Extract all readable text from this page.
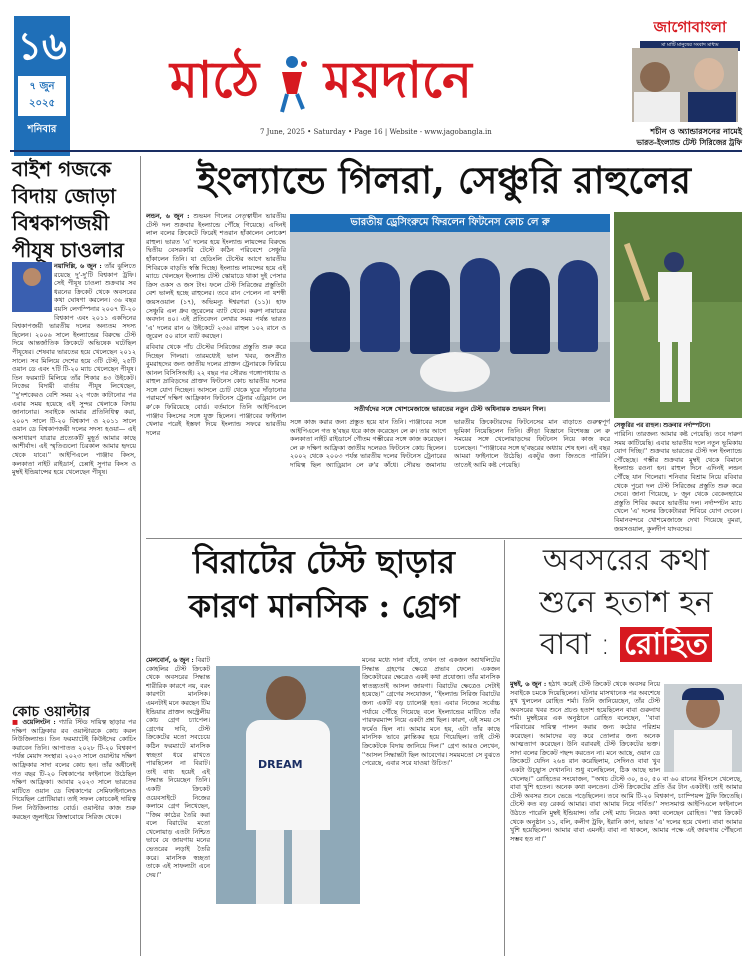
১৬
৭ জুন
২০২৫
শনিবার
মাঠে ময়দানে
7 June, 2025 • Saturday • Page 16 | Website - www.jagobangla.in
জাগোবাংলা
মা মাটি মানুষের সংবাদ মাধ্যম
শচীন ও অ্যান্ডারসনের নামেই
ভারত-ইংল্যান্ড টেস্ট সিরিজের ট্রফি
বাইশ গজকে বিদায় জোড়া বিশ্বকাপজয়ী পীযূষ চাওলার
নয়াদিল্লি, ৬ জুন : তাঁর ঝুলিতে রয়েছে দু'-দু'টি বিশ্বকাপ ট্রফি। সেই পীযূষ চাওলা শুক্রবার সব ধরনের ক্রিকেট থেকে অবসরের কথা ঘোষণা করলেন। ৩৬ বছর বয়সি লেগস্পিনার ২০০৭ টি-২০ বিশ্বকাপ এবং ২০১১ একদিনের বিশ্বকাপজয়ী ভারতীয় দলের অন্যতম সদস্য ছিলেন। ২০০৬ সালে ইংল্যান্ডের বিরুদ্ধে টেস্ট দিয়ে আন্তর্জাতিক ক্রিকেটে অভিষেক ঘটেছিল পীযূষের। শেষবার ভারতের হয়ে খেলেছেন ২০১২ সালে। সব মিলিয়ে দেশের হয়ে ৩টি টেস্ট, ২৫টি ওয়ান ডে এবং ৭টি টি-২০ ম্যাচ খেলেছেন পীযূষ। তিন ফরম্যাট মিলিয়ে তাঁর শিকার ৪৩ উইকেট। নিজের বিদায়ী বার্তায় পীযূষ লিখেছেন, ''দু'দশকেরও বেশি সময় ২২ গজে কাটানোর পর এবার সময় হয়েছে এই সুন্দর খেলাকে বিদায় জানানোর। সবাইকে আমার প্রতিনিধিত্ব করা, ২০০৭ সালে টি-২০ বিশ্বকাপ ও ২০১১ সালে ওয়ান ডে বিশ্বকাপজয়ী দলের সদস্য হওয়া— এই অসাধারণ যাত্রার প্রত্যেকটি মুহূর্ত আমার কাছে আশীর্বাদ। এই স্মৃতিগুলো চিরকাল আমার হৃদয়ে থেকে যাবে।'' আইপিএলে পাঞ্জাব কিংস, কলকাতা নাইট রাইডার্স, চেন্নাই সুপার কিংস ও মুম্বই ইন্ডিয়ান্সের হয়ে খেলেছেন পীযূষ।
কোচ ওয়াল্টার
■ ওয়েলিংটন : গ্যারি স্টিড দায়িত্ব ছাড়ার পর দক্ষিণ আফ্রিকার রব ওয়াল্টারকে কোচ করল নিউজিল্যান্ড। তিন ফরম্যাটেই কিউইদের কোচিং করাবেন তিনি। আপাতত ২০২৮ টি-২০ বিশ্বকাপ পর্যন্ত মেয়াদ সংস্থার। ২০২৩ সালে ওয়াল্টার দক্ষিণ আফ্রিকার সাদা বলের কোচ হন। তাঁর অধীনেই গত বছর টি-২০ বিশ্বকাপের ফাইনালে উঠেছিল দক্ষিণ আফ্রিকা। আবার ২০২৩ সালে ভারতের মাটিতে ওয়ান ডে বিশ্বকাপের সেমিফাইনালেও গিয়েছিল প্রোটিয়ারা। তাই সফল কোচকেই দায়িত্ব দিল নিউজিল্যান্ড বোর্ড। ওয়াল্টার কাজ শুরু করছেন জুলাইয়ে জিম্বাবোয়ে সিরিজ থেকে।
ইংল্যান্ডে গিলরা, সেঞ্চুরি রাহুলের
লন্ডন, ৬ জুন : শুভমন গিলের নেতৃত্বাধীন ভারতীয় টেস্ট দল শুক্রবার ইংল্যান্ডে পৌঁছে গিয়েছে। এদিনই লাল বলের ক্রিকেটে ফিরেই শতরান হাঁকালেন লোকেশ রাহুল। ভারত 'এ' দলের হয়ে ইংল্যান্ড লায়ন্সের বিরুদ্ধে দ্বিতীয় বেসরকারি টেস্টে কঠিন পরিবেশে সেঞ্চুরি হাঁকালেন তিনি। যা হেডিংলি টেস্টের আগে ভারতীয় শিবিরকে বাড়তি স্বস্তি দিচ্ছে। ইংল্যান্ড লায়ন্সের হয়ে এই ম্যাচে খেলছেন ইংল্যান্ড টেস্ট স্কোয়াডে থাকা দুই পেসার ক্রিস ওকস ও জস টাং। ফলে টেস্ট সিরিজের প্রস্তুতিটা বেশ ভালই হচ্ছে রাহুলের। তবে রান পেলেন না যশস্বী জয়সওয়াল (১৭), অভিমন্যু ঈশ্বরণরা (১১)। হাফ সেঞ্চুরি এল ধ্রুব জুরেলের ব্যাট থেকে। করুণ নায়ারের অবদান ৪০। এই প্রতিবেদন লেখার সময় পর্যন্ত ভারত 'এ' দলের রান ৬ উইকেটে ২৩৬। রাহুল ১০২ রানে ও জুরেল ৫০ রানে ব্যাট করছেন।

রবিবার থেকে পাঁচ টেস্টের সিরিজের প্রস্তুতি শুরু করে দিচ্ছেন গিলরা। তারমধ্যেই ভাল খবর, জসপ্রীত বুমরাহদের জন্য জাতীয় দলের প্রাক্তন ট্রেনারকে ফিরিয়ে আনল বিসিসিআই। ২২ বছর পর সৌরভ গঙ্গোপাধ্যায় ও রাহুল দ্রাবিড়দের প্রাক্তন ফিটনেস কোচ ভারতীয় দলের সঙ্গে যোগ দিচ্ছেন। আসলে চোট থেকে ঘুরে দাঁড়ানোর পরামর্শে দক্ষিণ আফ্রিকান ফিটনেস ট্রেনার এড্রিয়ান লে রু'কে ফিরিয়েছে বোর্ড। বর্তমানে তিনি আইপিএলে পাঞ্জাব কিংসের সঙ্গে যুক্ত ছিলেন। পাঞ্জাবের ফাইনাল খেলার পরেই ইস্তফা দিয়ে ইংল্যান্ড সফরে ভারতীয় দলের
ভারতীয় ড্রেসিংরুমে ফিরলেন ফিটনেস কোচ লে রু
সতীর্থদের সঙ্গে খোশমেজাজে ভারতের নতুন টেস্ট অধিনায়ক শুভমন গিল।
সেঞ্চুরির পর রাহুল। শুক্রবার নর্দাম্পটনে।
সঙ্গে কাজ করার জন্য প্রস্তুত হয়ে যান তিনি। পাঞ্জাবের সঙ্গে আইপিএলে গত ছ'বছর ধরে কাজ করেছেন লে রু। তার আগে কলকাতা নাইট রাইডার্সে গৌতম গম্ভীরের সঙ্গে কাজ করেছেন। লে রু দক্ষিণ আফ্রিকা জাতীয় দলেরও ফিটনেস কোচ ছিলেন। ২০০২ থেকে ২০০৩ পর্যন্ত ভারতীয় দলের ফিটনেস ট্রেনারের দায়িত্ব ছিল অ্যাড্রিয়ান লে রু'র কাঁধে। সৌরভ জমানায় ভারতীয় ক্রিকেটারদের ফিটনেসের মান বাড়াতে গুরুত্বপূর্ণ ভূমিকা নিয়েছিলেন তিনি। ক্রীড়া বিজ্ঞানে বিশেষজ্ঞ লে রু সময়ের সঙ্গে খেলোয়াড়দের ফিটনেস নিয়ে কাজ করে চলেছেন। ''পাঞ্জাবের সঙ্গে ছ'বছরের অধ্যায় শেষ হল। এই বছর আমরা ফাইনালে উঠেছি। একটুর জন্য জিততে পারিনি। তাতেই আমি কষ্ট পেয়েছি।
পারিনি। তারজন্য আমার কষ্ট পেয়েছি। তবে দারুণ সময় কাটিয়েছি। এবার ভারতীয় দলে নতুন ভূমিকায় যোগ দিচ্ছি।'' শুক্রবার ভারতের টেস্ট দল ইংল্যান্ডে পৌঁছেছে। গম্ভীর শুক্রবার মুম্বই থেকে বিমানে ইংল্যান্ড রওনা হন। রাহুল দিনে এদিনই লন্ডন পৌঁছে যান গিলেরা। শনিবার বিশ্রাম নিয়ে রবিবার থেকে পুরো দল টেস্ট সিরিজের প্রস্তুতি শুরু করে দেবে। জানা গিয়েছে, ৮ জুন থেকে বেকেনহ্যামে প্রস্তুতি শিবির করবে ভারতীয় দল। নর্দাম্পটন ম্যাচ খেলে 'এ' দলের ক্রিকেটাররা শিবিরে যোগ দেবেন। বিমানবন্দরে খোশমেজাজে দেখা গিয়েছে বুমরা, জয়সওয়াল, কুলদীপ যাদবদের।
বিরাটের টেস্ট ছাড়ার
কারণ মানসিক : গ্রেগ
DREAM
মেলবোর্ন, ৬ জুন : বিরাট কোহলির টেস্ট ক্রিকেট থেকে অবসরের সিদ্ধান্ত শারীরিক কারণে নয়, বরং কারণটা মানসিক। এমনটাই মনে করছেন টিম ইন্ডিয়ার প্রাক্তন অস্ট্রেলীয় কোচ গ্রেগ চ্যাপেল। গ্রেগের দাবি, টেস্ট ক্রিকেটের মতো সবচেয়ে কঠিন ফরম্যাটে মানসিক স্বচ্ছতা ধরে রাখতে পারছিলেন না বিরাট। তাই বাধ্য হয়েই এই সিদ্ধান্ত নিয়েছেন তিনি। একটি ক্রিকেট ওয়েবসাইটে নিজের কলামে গ্রেগ লিখেছেন, ''জিম কাঠের তৈরি করা বলে বিরাটের মতো খেলোয়াড় এতটা নিশ্চিত ভাবে যে জায়গায় মনের ভেতরের লড়াই তৈরি করে। মানসিক স্বচ্ছতা তাকে এই সাফল্যটা এনে দেয়।''
মনের মধ্যে দানা বাঁধে, তখন তা একজন অ্যাথলিটের সিদ্ধান্ত গ্রহণের ক্ষেত্রে প্রভাব ফেলে। একজন ক্রিকেটারের ক্ষেত্রেও একই কথা প্রযোজ্য। তাঁর মানসিক স্বাতন্ত্র্যতাই আসল জায়গা। বিরাটের ক্ষেত্রেও সেটাই হয়েছে।'' গ্রেগের সংযোজন, ''ইংল্যান্ড সিরিজ বিরাটের জন্য একটি বড় চ্যালেঞ্জ হত। এবার নিজের সর্বোচ্চ পর্যায়ে পৌঁছে গিয়েছে বলে ইংল্যান্ডের মাটিতে তাঁর পারফরম্যান্স নিয়ে একটা প্রশ্ন ছিল। কারণ, এই সময় সে ফর্মেও ছিল না। আমার মনে হয়, এটা তাঁর কাছে মানসিক ভাবে ক্লান্তিকর হয়ে গিয়েছিল। তাই টেস্ট ক্রিকেটকে বিদায় জানিয়ে দিল।'' গ্রেগ আরও লেখেন, ''আসল সিদ্ধান্তটা ছিল আবেগের। সময়মতো সে বুঝতে পেরেছে, এবার সরে যাওয়া উচিত।''
অবসরের কথা
শুনে হতাশ হন
বাবা : রোহিত
মুম্বই, ৬ জুন : হঠাৎ করেই টেস্ট ক্রিকেট থেকে অবসর নিয়ে সবাইকে চমকে দিয়েছিলেন। ঘটনার মাসখানেক পর অবশেষে মুখ খুললেন রোহিত শর্মা। তিনি জানিয়েছেন, তাঁর টেস্ট অবসরের খবর শুনে প্রচণ্ড হতাশ হয়েছিলেন বাবা গুরুনাথ শর্মা। মুম্বইয়ের এক অনুষ্ঠানে রোহিত বলেছেন, ''বাবা পরিবারের দায়িত্ব পালন করার জন্য কঠোর পরিশ্রম করেছেন। আমাদের বড় করে তোলার জন্য অনেক আত্মত্যাগ করেছেন। উনি বরাবরই টেস্ট ক্রিকেটের ভক্ত। সাদা বলের ক্রিকেট পছন্দ করতেন না। মনে আছে, ওয়ান ডে ক্রিকেটে যেদিন ২৬৪ রান করেছিলাম, সেদিনও বাবা খুব একটা উচ্ছ্বাস দেখাননি। শুধু বলেছিলেন, ঠিক আছে ভাল খেলেছ।'' রোহিতের সংযোজন, ''অথচ টেস্টে ৩০, ৪০, ৫০ বা ৬০ রানের ইনিংসে খেলেছে, বাবা খুশি হতেন। অনেক কথা বলতেন। টেস্ট ক্রিকেটের প্রতি ওঁর টান একটাই। তাই আমার টেস্ট অবসর শুনে ভেঙে পড়েছিলেন। তবে আমি টি-২০ বিশ্বকাপ, চ্যাম্পিয়ন্স ট্রফি জিতেছি। টেস্টে কত বড় রেকর্ড আমার। বাবা আমায় নিয়ে গর্বিত।'' সদ্যসমাপ্ত আইপিএলে ফাইনালে উঠতে পারেনি মুম্বই ইন্ডিয়ান্স। তাঁর সেই ম্যাচ নিয়েও কথা বলেছেন রোহিত। ''স্বপ্ন ক্রিকেট থেকে অনুষ্ঠান ১১, বলি, কলীগ ট্রফি, ইরানি কাপ, ভারত 'এ' দলের হয়ে খেলা। বাবা আমার খুশি হয়েছিলেন। আমার বাবা এমনই। বাবা না থাকলে, আমার পক্ষে এই জায়গায় পৌঁছনো সম্ভব হত না।''
